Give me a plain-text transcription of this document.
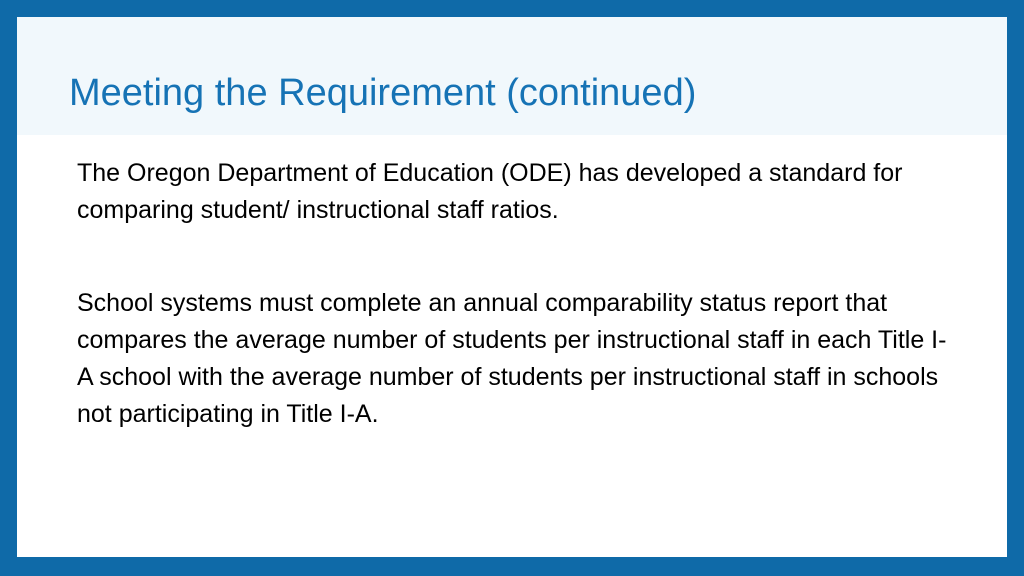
Meeting the Requirement (continued)

The Oregon Department of Education (ODE) has developed a standard for comparing student/ instructional staff ratios.

School systems must complete an annual comparability status report that compares the average number of students per instructional staff in each Title I-A school with the average number of students per instructional staff in schools not participating in Title I-A.
